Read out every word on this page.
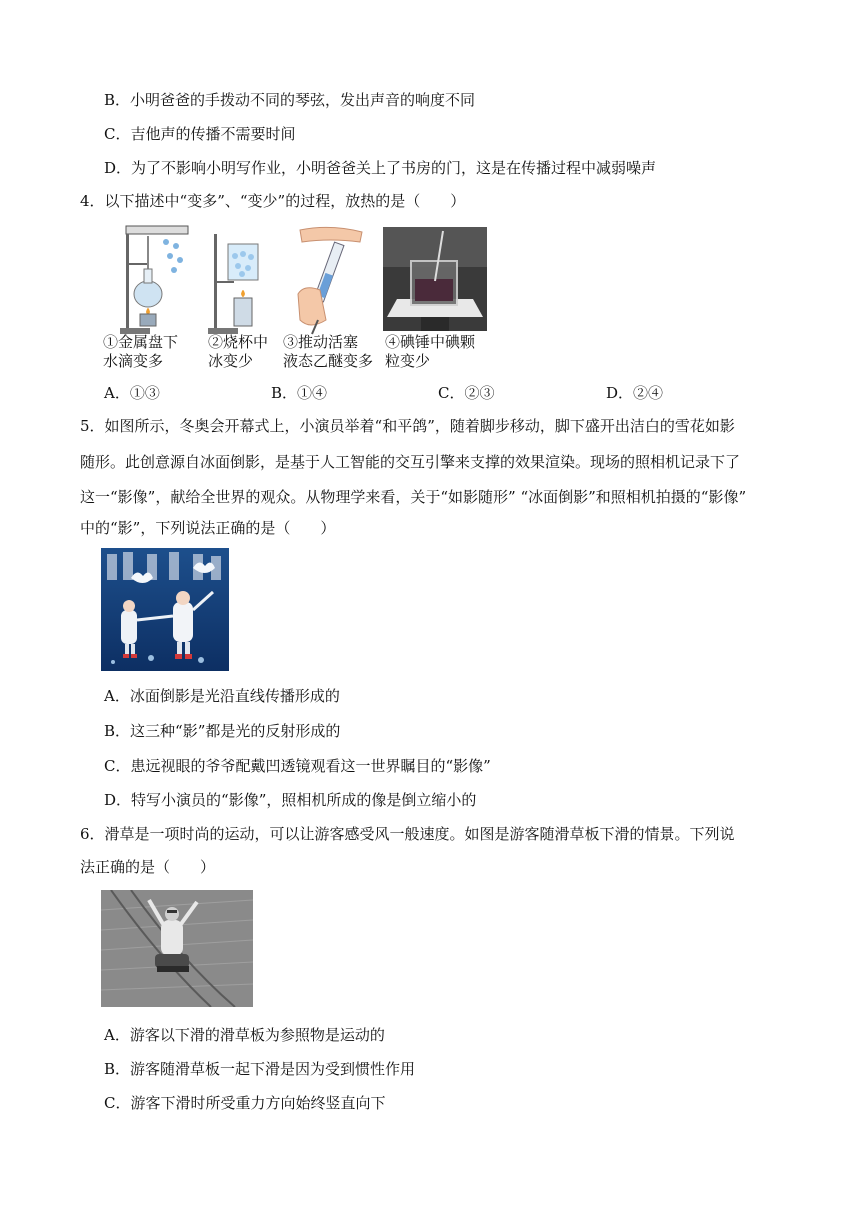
B．小明爸爸的手拨动不同的琴弦，发出声音的响度不同
C．吉他声的传播不需要时间
D．为了不影响小明写作业，小明爸爸关上了书房的门，这是在传播过程中减弱噪声
4．以下描述中“变多”、“变少”的过程，放热的是（　　）
①金属盘下
水滴变多
②烧杯中
冰变少
③推动活塞
液态乙醚变多
④碘锤中碘颗
粒变少
A．①③	B．①④	C．②③	D．②④
5．如图所示，冬奥会开幕式上，小演员举着“和平鸽”，随着脚步移动，脚下盛开出洁白的雪花如影
随形。此创意源自冰面倒影，是基于人工智能的交互引擎来支撑的效果渲染。现场的照相机记录下了
这一“影像”，献给全世界的观众。从物理学来看，关于“如影随形” “冰面倒影”和照相机拍摄的“影像”
中的“影”，下列说法正确的是（　　）
A．冰面倒影是光沿直线传播形成的
B．这三种“影”都是光的反射形成的
C．患远视眼的爷爷配戴凹透镜观看这一世界瞩目的“影像”
D．特写小演员的“影像”，照相机所成的像是倒立缩小的
6．滑草是一项时尚的运动，可以让游客感受风一般速度。如图是游客随滑草板下滑的情景。下列说
法正确的是（　　）
A．游客以下滑的滑草板为参照物是运动的
B．游客随滑草板一起下滑是因为受到惯性作用
C．游客下滑时所受重力方向始终竖直向下
